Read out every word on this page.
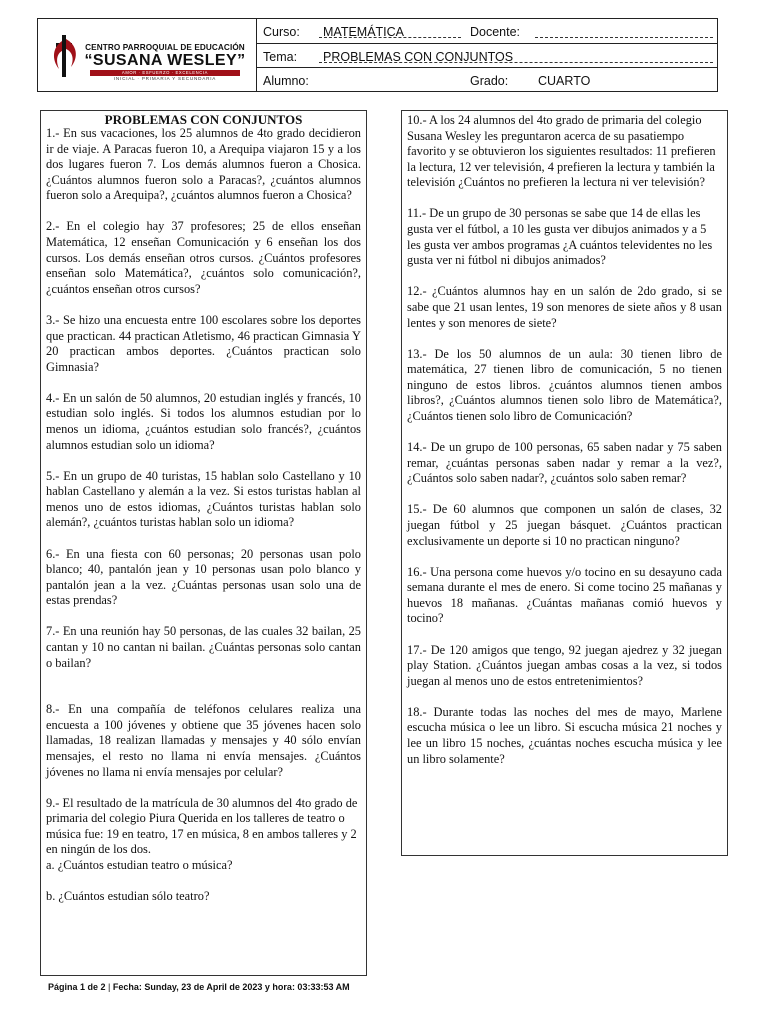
CENTRO PARROQUIAL DE EDUCACIÓN
“SUSANA WESLEY”
AMOR · ESFUERZO · EXCELENCIA
INICIAL · PRIMARIA Y SECUNDARIA
Curso: MATEMÁTICA	Docente:
Tema: PROBLEMAS CON CONJUNTOS
Alumno:	Grado: CUARTO
PROBLEMAS CON CONJUNTOS
1.- En sus vacaciones, los 25 alumnos de 4to grado decidieron ir de viaje. A Paracas fueron 10, a Arequipa viajaron 15 y a los dos lugares fueron 7. Los demás alumnos fueron a Chosica. ¿Cuántos alumnos fueron solo a Paracas?, ¿cuántos alumnos fueron solo a Arequipa?, ¿cuántos alumnos fueron a Chosica?
2.- En el colegio hay 37 profesores; 25 de ellos enseñan Matemática, 12 enseñan Comunicación y 6 enseñan los dos cursos. Los demás enseñan otros cursos. ¿Cuántos profesores enseñan solo Matemática?, ¿cuántos solo comunicación?, ¿cuántos enseñan otros cursos?
3.- Se hizo una encuesta entre 100 escolares sobre los deportes que practican. 44 practican Atletismo, 46 practican Gimnasia Y 20 practican ambos deportes. ¿Cuántos practican solo Gimnasia?
4.- En un salón de 50 alumnos, 20 estudian inglés y francés, 10 estudian solo inglés. Si todos los alumnos estudian por lo menos un idioma, ¿cuántos estudian solo francés?, ¿cuántos alumnos estudian solo un idioma?
5.- En un grupo de 40 turistas, 15 hablan solo Castellano y 10 hablan Castellano y alemán a la vez. Si estos turistas hablan al menos uno de estos idiomas, ¿Cuántos turistas hablan solo alemán?, ¿cuántos turistas hablan solo un idioma?
6.- En una fiesta con 60 personas; 20 personas usan polo blanco; 40, pantalón jean y 10 personas usan polo blanco y pantalón jean a la vez. ¿Cuántas personas usan solo una de estas prendas?
7.- En una reunión hay 50 personas, de las cuales 32 bailan, 25 cantan y 10 no cantan ni bailan. ¿Cuántas personas solo cantan o bailan?
8.- En una compañía de teléfonos celulares realiza una encuesta a 100 jóvenes y obtiene que 35 jóvenes hacen solo llamadas, 18 realizan llamadas y mensajes y 40 sólo envían mensajes, el resto no llama ni envía mensajes. ¿Cuántos jóvenes no llama ni envía mensajes por celular?
9.- El resultado de la matrícula de 30 alumnos del 4to grado de primaria del colegio Piura Querida en los talleres de teatro o música fue: 19 en teatro, 17 en música, 8 en ambos talleres y 2 en ningún de los dos.
a. ¿Cuántos estudian teatro o música?
b. ¿Cuántos estudian sólo teatro?
10.- A los 24 alumnos del 4to grado de primaria del colegio Susana Wesley les preguntaron acerca de su pasatiempo favorito y se obtuvieron los siguientes resultados: 11 prefieren la lectura, 12 ver televisión, 4 prefieren la lectura y también la televisión ¿Cuántos no prefieren la lectura ni ver televisión?
11.- De un grupo de 30 personas se sabe que 14 de ellas les gusta ver el fútbol, a 10 les gusta ver dibujos animados y a 5 les gusta ver ambos programas ¿A cuántos televidentes no les gusta ver ni fútbol ni dibujos animados?
12.- ¿Cuántos alumnos hay en un salón de 2do grado, si se sabe que 21 usan lentes, 19 son menores de siete años y 8 usan lentes y son menores de siete?
13.- De los 50 alumnos de un aula: 30 tienen libro de matemática, 27 tienen libro de comunicación, 5 no tienen ninguno de estos libros. ¿cuántos alumnos tienen ambos libros?, ¿Cuántos alumnos tienen solo libro de Matemática?, ¿Cuántos tienen solo libro de Comunicación?
14.- De un grupo de 100 personas, 65 saben nadar y 75 saben remar, ¿cuántas personas saben nadar y remar a la vez?, ¿Cuántos solo saben nadar?, ¿cuántos solo saben remar?
15.- De 60 alumnos que componen un salón de clases, 32 juegan fútbol y 25 juegan básquet. ¿Cuántos practican exclusivamente un deporte si 10 no practican ninguno?
16.- Una persona come huevos y/o tocino en su desayuno cada semana durante el mes de enero. Si come tocino 25 mañanas y huevos 18 mañanas. ¿Cuántas mañanas comió huevos y tocino?
17.- De 120 amigos que tengo, 92 juegan ajedrez y 32 juegan play Station. ¿Cuántos juegan ambas cosas a la vez, si todos juegan al menos uno de estos entretenimientos?
18.- Durante todas las noches del mes de mayo, Marlene escucha música o lee un libro. Si escucha música 21 noches y lee un libro 15 noches, ¿cuántas noches escucha música y lee un libro solamente?
Página 1 de 2 | Fecha: Sunday, 23 de April de 2023 y hora: 03:33:53 AM
